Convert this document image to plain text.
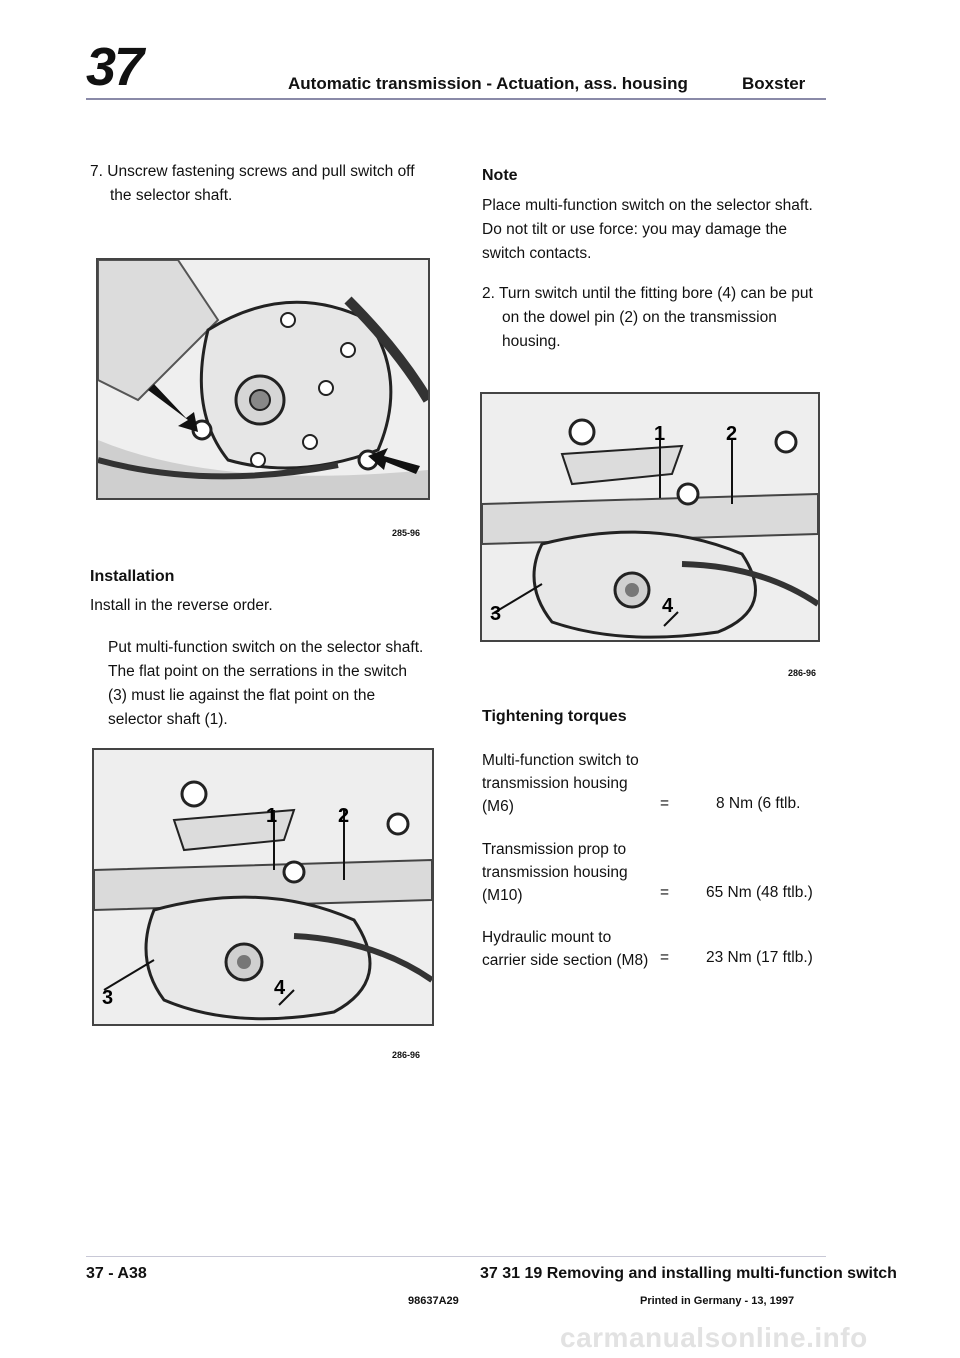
37	Automatic transmission - Actuation, ass. housing	Boxster
7. Unscrew fastening screws and pull switch off the selector shaft.
285-96
Installation
Install in the reverse order.
Put multi-function switch on the selector shaft. The flat point on the serrations in the switch (3) must lie against the flat point on the selector shaft (1).
1	2
3	4
286-96
Note
Place multi-function switch on the selector shaft. Do not tilt or use force: you may damage the switch contacts.
2. Turn switch until the fitting bore (4) can be put on the dowel pin (2) on the transmission housing.
1	2
3	4
286-96
Tightening torques
Multi-function switch to
transmission housing
(M6)	=	8 Nm (6 ftlb.
Transmission prop to
transmission housing
(M10)	= 65 Nm (48 ftlb.)
Hydraulic mount to
carrier side section (M8) = 23 Nm (17 ftlb.)
37 - A38	37 31 19 Removing and installing multi-function switch
98637A29	Printed in Germany - 13, 1997
carmanualsonline.info
